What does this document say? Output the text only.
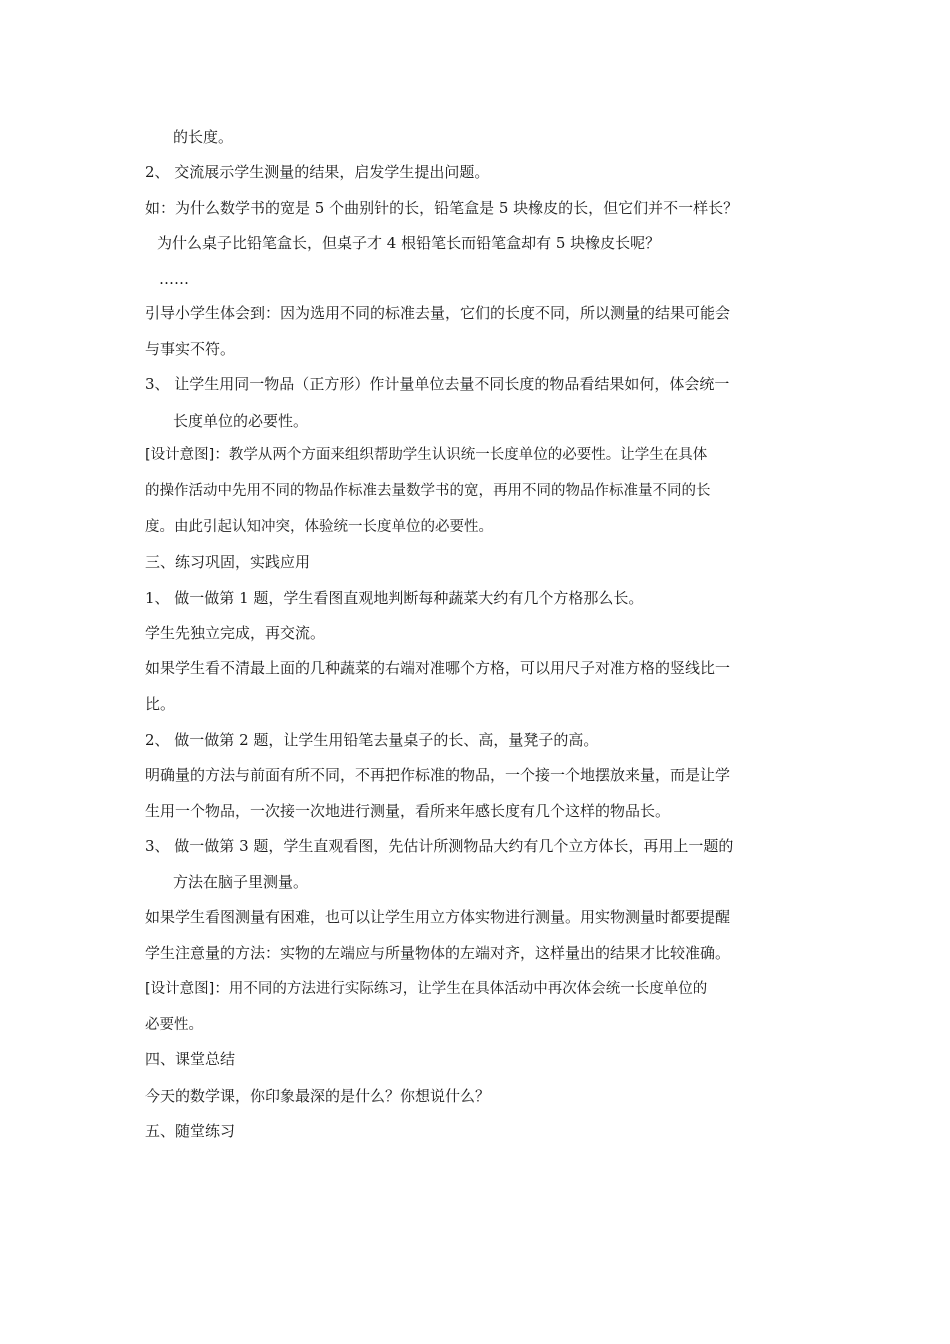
的长度。
2、 交流展示学生测量的结果，启发学生提出问题。
如：为什么数学书的宽是 5 个曲别针的长，铅笔盒是 5 块橡皮的长，但它们并不一样长？
为什么桌子比铅笔盒长，但桌子才 4 根铅笔长而铅笔盒却有 5 块橡皮长呢？
……
引导小学生体会到：因为选用不同的标准去量，它们的长度不同，所以测量的结果可能会
与事实不符。
3、 让学生用同一物品（正方形）作计量单位去量不同长度的物品看结果如何，体会统一
长度单位的必要性。
[设计意图]：教学从两个方面来组织帮助学生认识统一长度单位的必要性。让学生在具体
的操作活动中先用不同的物品作标准去量数学书的宽，再用不同的物品作标准量不同的长
度。由此引起认知冲突，体验统一长度单位的必要性。
三、练习巩固，实践应用
1、 做一做第 1 题，学生看图直观地判断每种蔬菜大约有几个方格那么长。
学生先独立完成，再交流。
如果学生看不清最上面的几种蔬菜的右端对准哪个方格，可以用尺子对准方格的竖线比一
比。
2、 做一做第 2 题，让学生用铅笔去量桌子的长、高，量凳子的高。
明确量的方法与前面有所不同，不再把作标准的物品，一个接一个地摆放来量，而是让学
生用一个物品，一次接一次地进行测量，看所来年感长度有几个这样的物品长。
3、 做一做第 3 题，学生直观看图，先估计所测物品大约有几个立方体长，再用上一题的
方法在脑子里测量。
如果学生看图测量有困难，也可以让学生用立方体实物进行测量。用实物测量时都要提醒
学生注意量的方法：实物的左端应与所量物体的左端对齐，这样量出的结果才比较准确。
[设计意图]：用不同的方法进行实际练习，让学生在具体活动中再次体会统一长度单位的
必要性。
四、课堂总结
今天的数学课，你印象最深的是什么？你想说什么？
五、随堂练习
